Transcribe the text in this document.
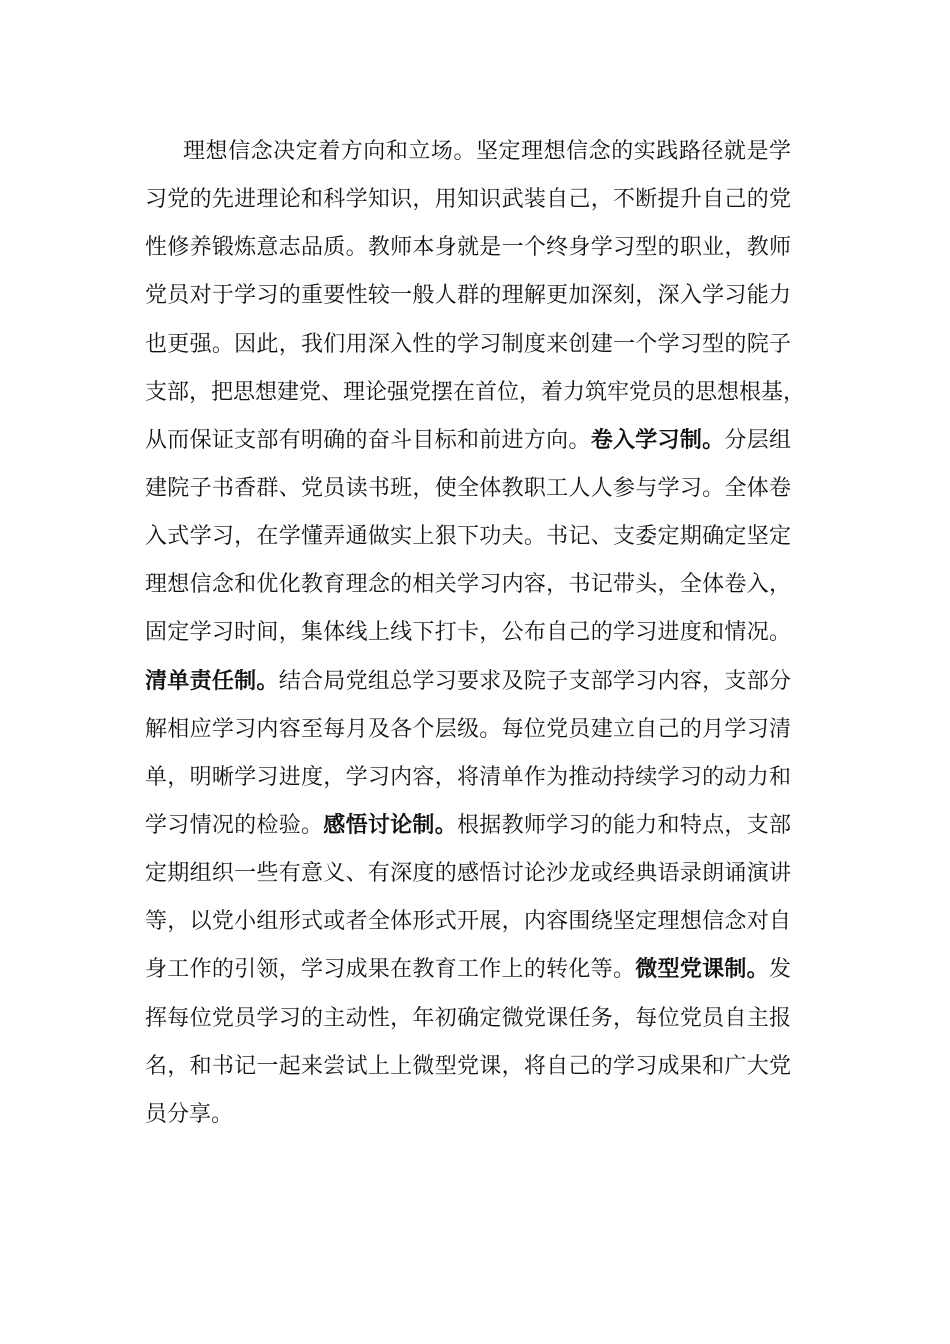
理想信念决定着方向和立场。坚定理想信念的实践路径就是学
习党的先进理论和科学知识，用知识武装自己，不断提升自己的党
性修养锻炼意志品质。教师本身就是一个终身学习型的职业，教师
党员对于学习的重要性较一般人群的理解更加深刻，深入学习能力
也更强。因此，我们用深入性的学习制度来创建一个学习型的院子
支部，把思想建党、理论强党摆在首位，着力筑牢党员的思想根基，
从而保证支部有明确的奋斗目标和前进方向。卷入学习制。分层组
建院子书香群、党员读书班，使全体教职工人人参与学习。全体卷
入式学习，在学懂弄通做实上狠下功夫。书记、支委定期确定坚定
理想信念和优化教育理念的相关学习内容，书记带头，全体卷入，
固定学习时间，集体线上线下打卡，公布自己的学习进度和情况。
清单责任制。结合局党组总学习要求及院子支部学习内容，支部分
解相应学习内容至每月及各个层级。每位党员建立自己的月学习清
单，明晰学习进度，学习内容，将清单作为推动持续学习的动力和
学习情况的检验。感悟讨论制。根据教师学习的能力和特点，支部
定期组织一些有意义、有深度的感悟讨论沙龙或经典语录朗诵演讲
等，以党小组形式或者全体形式开展，内容围绕坚定理想信念对自
身工作的引领，学习成果在教育工作上的转化等。微型党课制。发
挥每位党员学习的主动性，年初确定微党课任务，每位党员自主报
名，和书记一起来尝试上上微型党课，将自己的学习成果和广大党
员分享。
